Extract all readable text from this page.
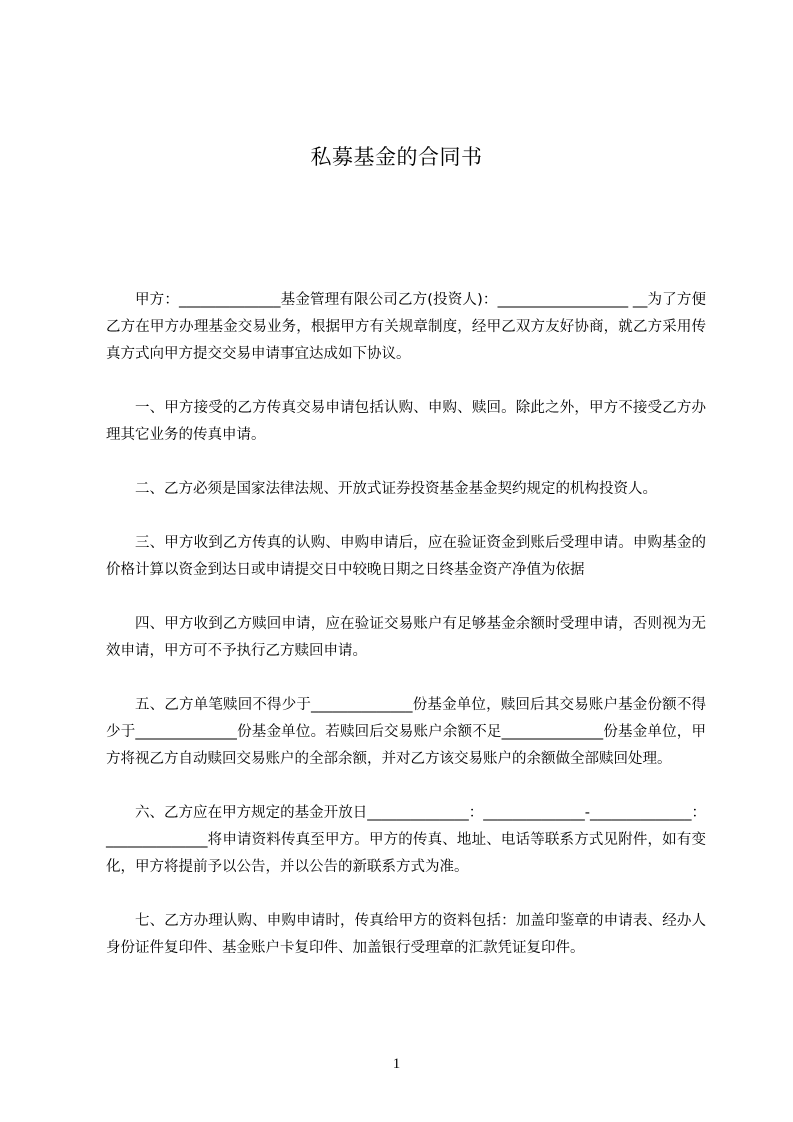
私募基金的合同书

甲方：______________基金管理有限公司乙方(投资人)：__________________ __为了方便乙方在甲方办理基金交易业务，根据甲方有关规章制度，经甲乙双方友好协商，就乙方采用传真方式向甲方提交交易申请事宜达成如下协议。

一、甲方接受的乙方传真交易申请包括认购、申购、赎回。除此之外，甲方不接受乙方办理其它业务的传真申请。

二、乙方必须是国家法律法规、开放式证券投资基金基金契约规定的机构投资人。

三、甲方收到乙方传真的认购、申购申请后，应在验证资金到账后受理申请。申购基金的价格计算以资金到达日或申请提交日中较晚日期之日终基金资产净值为依据

四、甲方收到乙方赎回申请，应在验证交易账户有足够基金余额时受理申请，否则视为无效申请，甲方可不予执行乙方赎回申请。

五、乙方单笔赎回不得少于______________份基金单位，赎回后其交易账户基金份额不得少于______________份基金单位。若赎回后交易账户余额不足______________份基金单位，甲方将视乙方自动赎回交易账户的全部余额，并对乙方该交易账户的余额做全部赎回处理。

六、乙方应在甲方规定的基金开放日______________：______________-______________：______________将申请资料传真至甲方。甲方的传真、地址、电话等联系方式见附件，如有变化，甲方将提前予以公告，并以公告的新联系方式为准。

七、乙方办理认购、申购申请时，传真给甲方的资料包括：加盖印鉴章的申请表、经办人身份证件复印件、基金账户卡复印件、加盖银行受理章的汇款凭证复印件。

1
